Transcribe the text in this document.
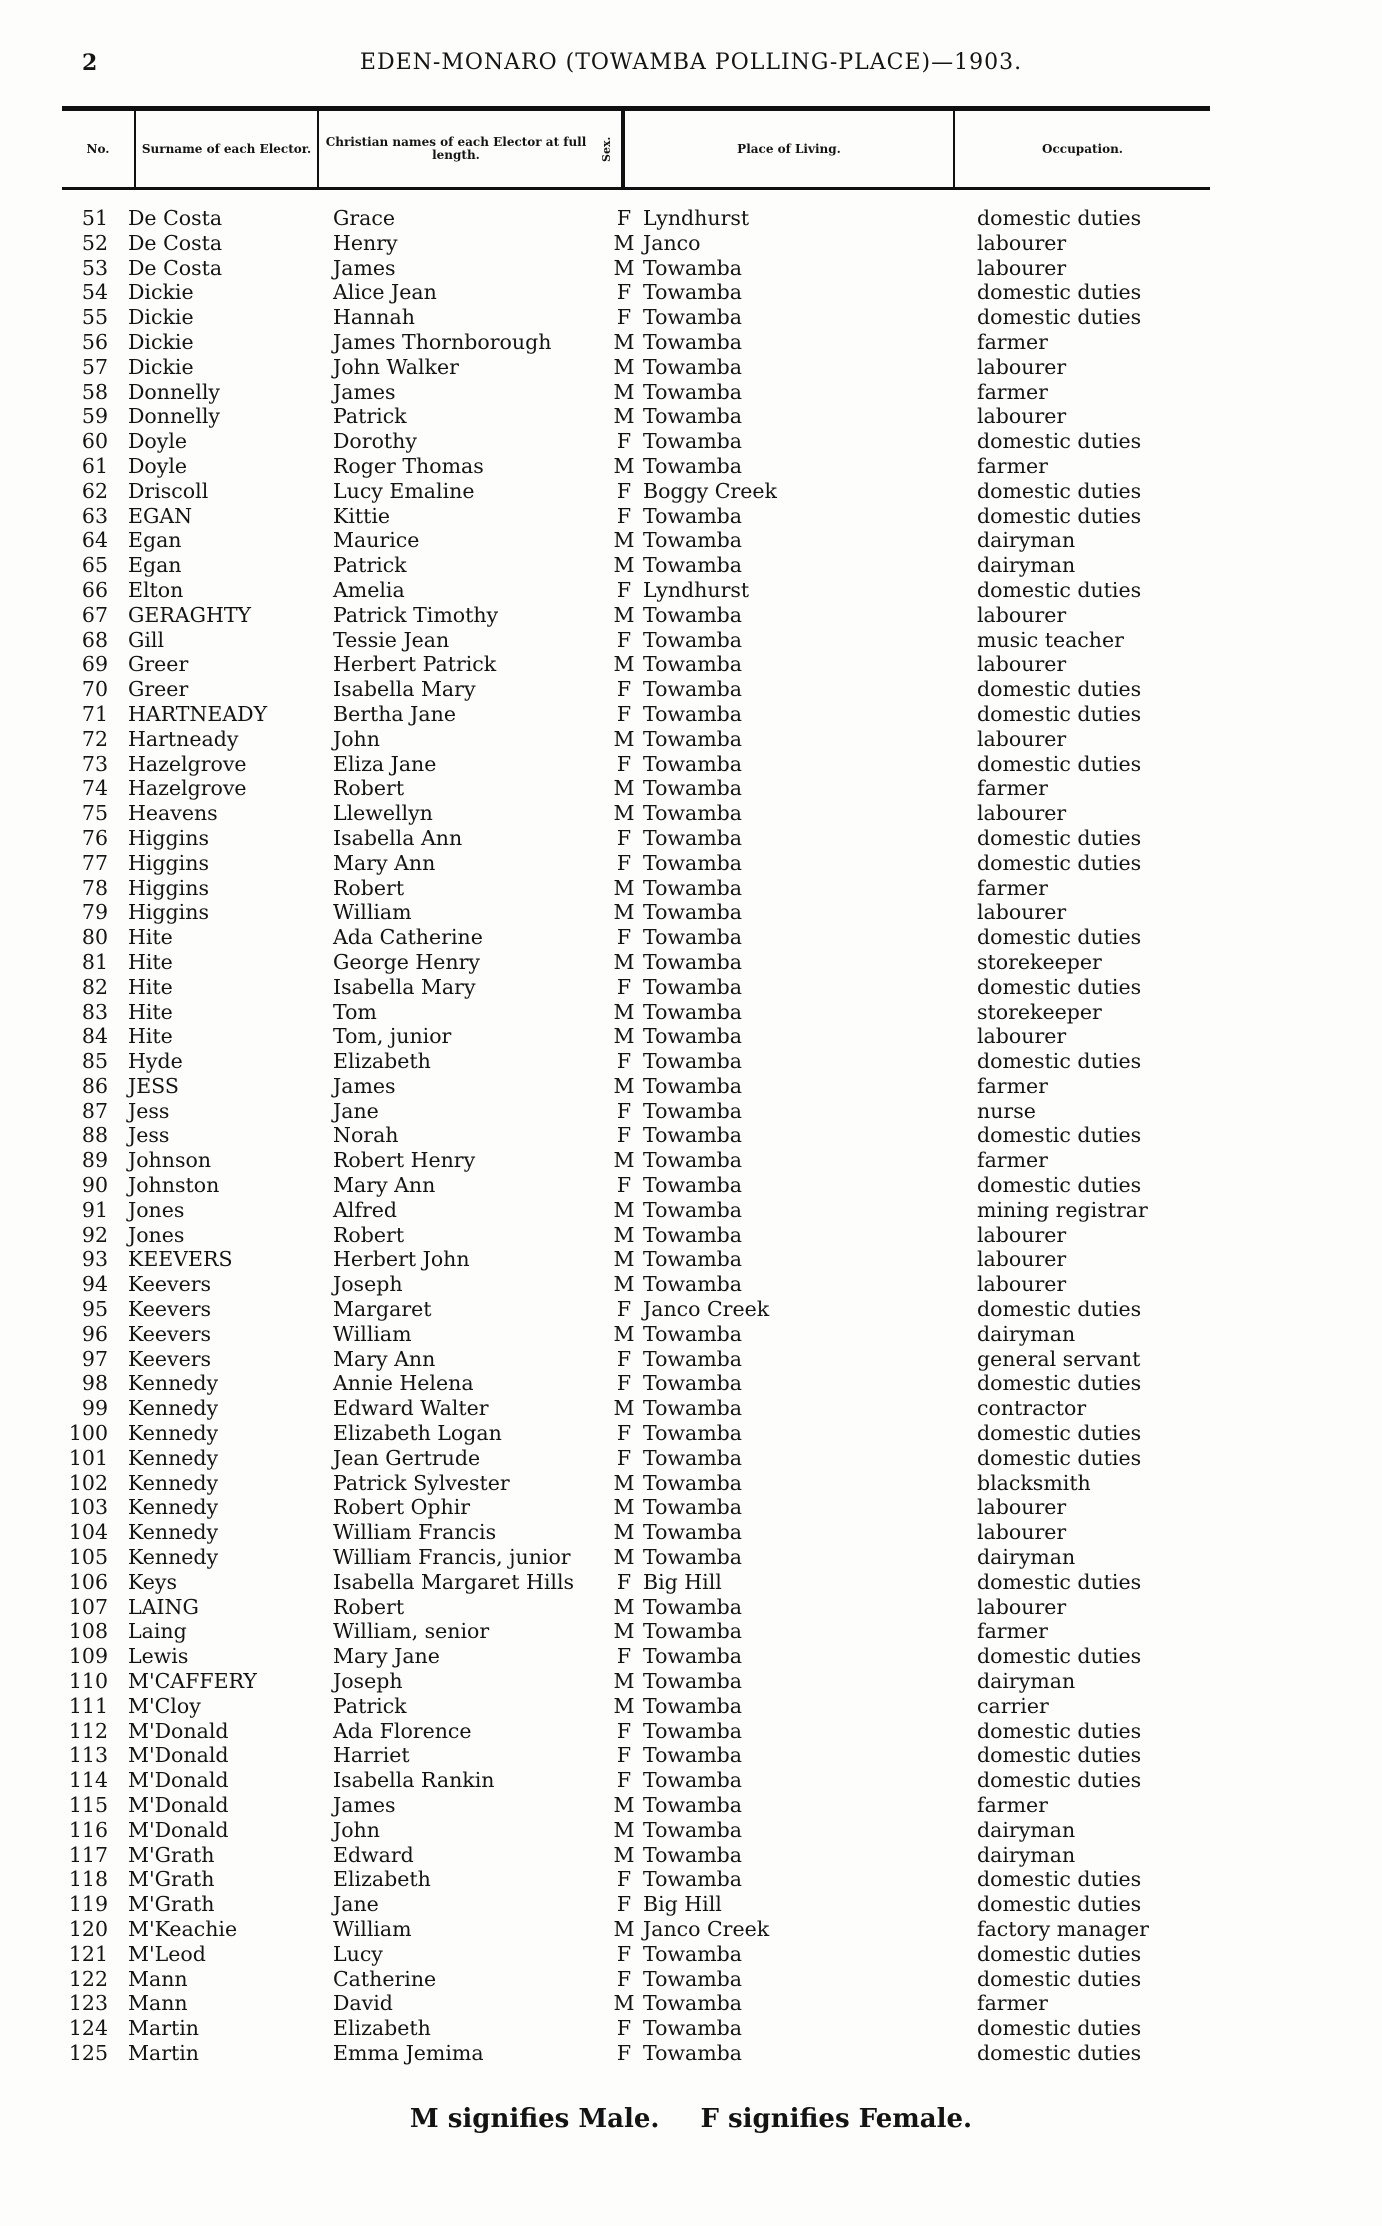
2	EDEN-MONARO (TOWAMBA POLLING-PLACE)—1903.
No.	Surname of each Elector.	Christian names of each Elector at full length.	Sex.	Place of Living.	Occupation.
51 De Costa	Grace	F Lyndhurst	domestic duties
52 De Costa	Henry	M Janco	labourer
53 De Costa	James	M Towamba	labourer
54 Dickie	Alice Jean	F Towamba	domestic duties
55 Dickie	Hannah	F Towamba	domestic duties
56 Dickie	James Thornborough	M Towamba	farmer
57 Dickie	John Walker	M Towamba	labourer
58 Donnelly	James	M Towamba	farmer
59 Donnelly	Patrick	M Towamba	labourer
60 Doyle	Dorothy	F Towamba	domestic duties
61 Doyle	Roger Thomas	M Towamba	farmer
62 Driscoll	Lucy Emaline	F Boggy Creek	domestic duties
63 EGAN	Kittie	F Towamba	domestic duties
64 Egan	Maurice	M Towamba	dairyman
65 Egan	Patrick	M Towamba	dairyman
66 Elton	Amelia	F Lyndhurst	domestic duties
67 GERAGHTY	Patrick Timothy	M Towamba	labourer
68 Gill	Tessie Jean	F Towamba	music teacher
69 Greer	Herbert Patrick	M Towamba	labourer
70 Greer	Isabella Mary	F Towamba	domestic duties
71 HARTNEADY	Bertha Jane	F Towamba	domestic duties
72 Hartneady	John	M Towamba	labourer
73 Hazelgrove	Eliza Jane	F Towamba	domestic duties
74 Hazelgrove	Robert	M Towamba	farmer
75 Heavens	Llewellyn	M Towamba	labourer
76 Higgins	Isabella Ann	F Towamba	domestic duties
77 Higgins	Mary Ann	F Towamba	domestic duties
78 Higgins	Robert	M Towamba	farmer
79 Higgins	William	M Towamba	labourer
80 Hite	Ada Catherine	F Towamba	domestic duties
81 Hite	George Henry	M Towamba	storekeeper
82 Hite	Isabella Mary	F Towamba	domestic duties
83 Hite	Tom	M Towamba	storekeeper
84 Hite	Tom, junior	M Towamba	labourer
85 Hyde	Elizabeth	F Towamba	domestic duties
86 JESS	James	M Towamba	farmer
87 Jess	Jane	F Towamba	nurse
88 Jess	Norah	F Towamba	domestic duties
89 Johnson	Robert Henry	M Towamba	farmer
90 Johnston	Mary Ann	F Towamba	domestic duties
91 Jones	Alfred	M Towamba	mining registrar
92 Jones	Robert	M Towamba	labourer
93 KEEVERS	Herbert John	M Towamba	labourer
94 Keevers	Joseph	M Towamba	labourer
95 Keevers	Margaret	F Janco Creek	domestic duties
96 Keevers	William	M Towamba	dairyman
97 Keevers	Mary Ann	F Towamba	general servant
98 Kennedy	Annie Helena	F Towamba	domestic duties
99 Kennedy	Edward Walter	M Towamba	contractor
100 Kennedy	Elizabeth Logan	F Towamba	domestic duties
101 Kennedy	Jean Gertrude	F Towamba	domestic duties
102 Kennedy	Patrick Sylvester	M Towamba	blacksmith
103 Kennedy	Robert Ophir	M Towamba	labourer
104 Kennedy	William Francis	M Towamba	labourer
105 Kennedy	William Francis, junior	M Towamba	dairyman
106 Keys	Isabella Margaret Hills	F Big Hill	domestic duties
107 LAING	Robert	M Towamba	labourer
108 Laing	William, senior	M Towamba	farmer
109 Lewis	Mary Jane	F Towamba	domestic duties
110 M'CAFFERY	Joseph	M Towamba	dairyman
111 M'Cloy	Patrick	M Towamba	carrier
112 M'Donald	Ada Florence	F Towamba	domestic duties
113 M'Donald	Harriet	F Towamba	domestic duties
114 M'Donald	Isabella Rankin	F Towamba	domestic duties
115 M'Donald	James	M Towamba	farmer
116 M'Donald	John	M Towamba	dairyman
117 M'Grath	Edward	M Towamba	dairyman
118 M'Grath	Elizabeth	F Towamba	domestic duties
119 M'Grath	Jane	F Big Hill	domestic duties
120 M'Keachie	William	M Janco Creek	factory manager
121 M'Leod	Lucy	F Towamba	domestic duties
122 Mann	Catherine	F Towamba	domestic duties
123 Mann	David	M Towamba	farmer
124 Martin	Elizabeth	F Towamba	domestic duties
125 Martin	Emma Jemima	F Towamba	domestic duties
M signifies Male. F signifies Female.
